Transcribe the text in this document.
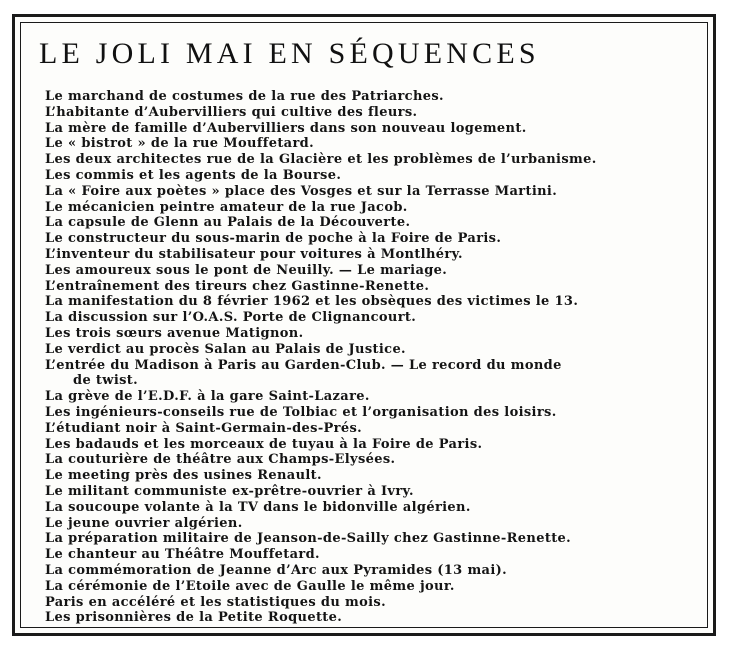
LE JOLI MAI EN SÉQUENCES
Le marchand de costumes de la rue des Patriarches.
L’habitante d’Aubervilliers qui cultive des fleurs.
La mère de famille d’Aubervilliers dans son nouveau logement.
Le « bistrot » de la rue Mouffetard.
Les deux architectes rue de la Glacière et les problèmes de l’urbanisme.
Les commis et les agents de la Bourse.
La « Foire aux poètes » place des Vosges et sur la Terrasse Martini.
Le mécanicien peintre amateur de la rue Jacob.
La capsule de Glenn au Palais de la Découverte.
Le constructeur du sous-marin de poche à la Foire de Paris.
L’inventeur du stabilisateur pour voitures à Montlhéry.
Les amoureux sous le pont de Neuilly. — Le mariage.
L’entraînement des tireurs chez Gastinne-Renette.
La manifestation du 8 février 1962 et les obsèques des victimes le 13.
La discussion sur l’O.A.S. Porte de Clignancourt.
Les trois sœurs avenue Matignon.
Le verdict au procès Salan au Palais de Justice.
L’entrée du Madison à Paris au Garden-Club. — Le record du monde
de twist.
La grève de l’E.D.F. à la gare Saint-Lazare.
Les ingénieurs-conseils rue de Tolbiac et l’organisation des loisirs.
L’étudiant noir à Saint-Germain-des-Prés.
Les badauds et les morceaux de tuyau à la Foire de Paris.
La couturière de théâtre aux Champs-Elysées.
Le meeting près des usines Renault.
Le militant communiste ex-prêtre-ouvrier à Ivry.
La soucoupe volante à la TV dans le bidonville algérien.
Le jeune ouvrier algérien.
La préparation militaire de Jeanson-de-Sailly chez Gastinne-Renette.
Le chanteur au Théâtre Mouffetard.
La commémoration de Jeanne d’Arc aux Pyramides (13 mai).
La cérémonie de l’Etoile avec de Gaulle le même jour.
Paris en accéléré et les statistiques du mois.
Les prisonnières de la Petite Roquette.
